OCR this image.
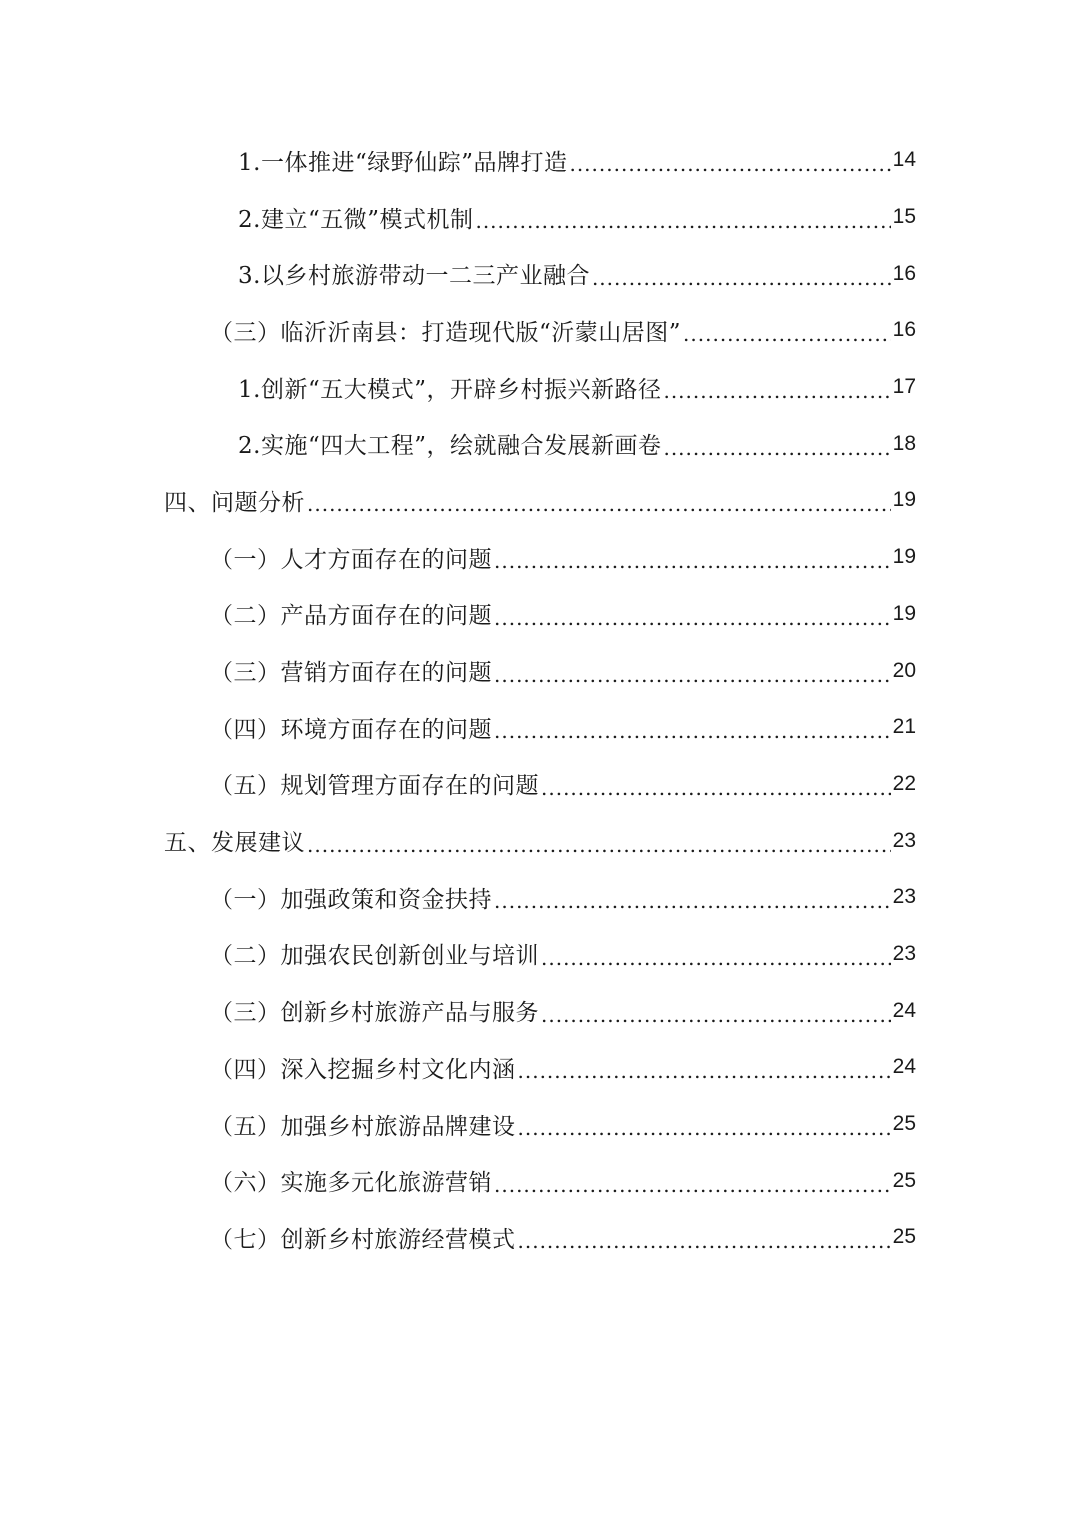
1.一体推进“绿野仙踪”品牌打造 .....	14
2.建立“五微”模式机制 .....	15
3.以乡村旅游带动一二三产业融合 .....	16
（三）临沂沂南县：打造现代版“沂蒙山居图” .....	16
1.创新“五大模式”，开辟乡村振兴新路径 .....	17
2.实施“四大工程”，绘就融合发展新画卷 .....	18
四、问题分析 .....	19
（一）人才方面存在的问题 .....	19
（二）产品方面存在的问题 .....	19
（三）营销方面存在的问题 .....	20
（四）环境方面存在的问题 .....	21
（五）规划管理方面存在的问题 .....	22
五、发展建议 .....	23
（一）加强政策和资金扶持 .....	23
（二）加强农民创新创业与培训 .....	23
（三）创新乡村旅游产品与服务 .....	24
（四）深入挖掘乡村文化内涵 .....	24
（五）加强乡村旅游品牌建设 .....	25
（六）实施多元化旅游营销 .....	25
（七）创新乡村旅游经营模式 .....	25
